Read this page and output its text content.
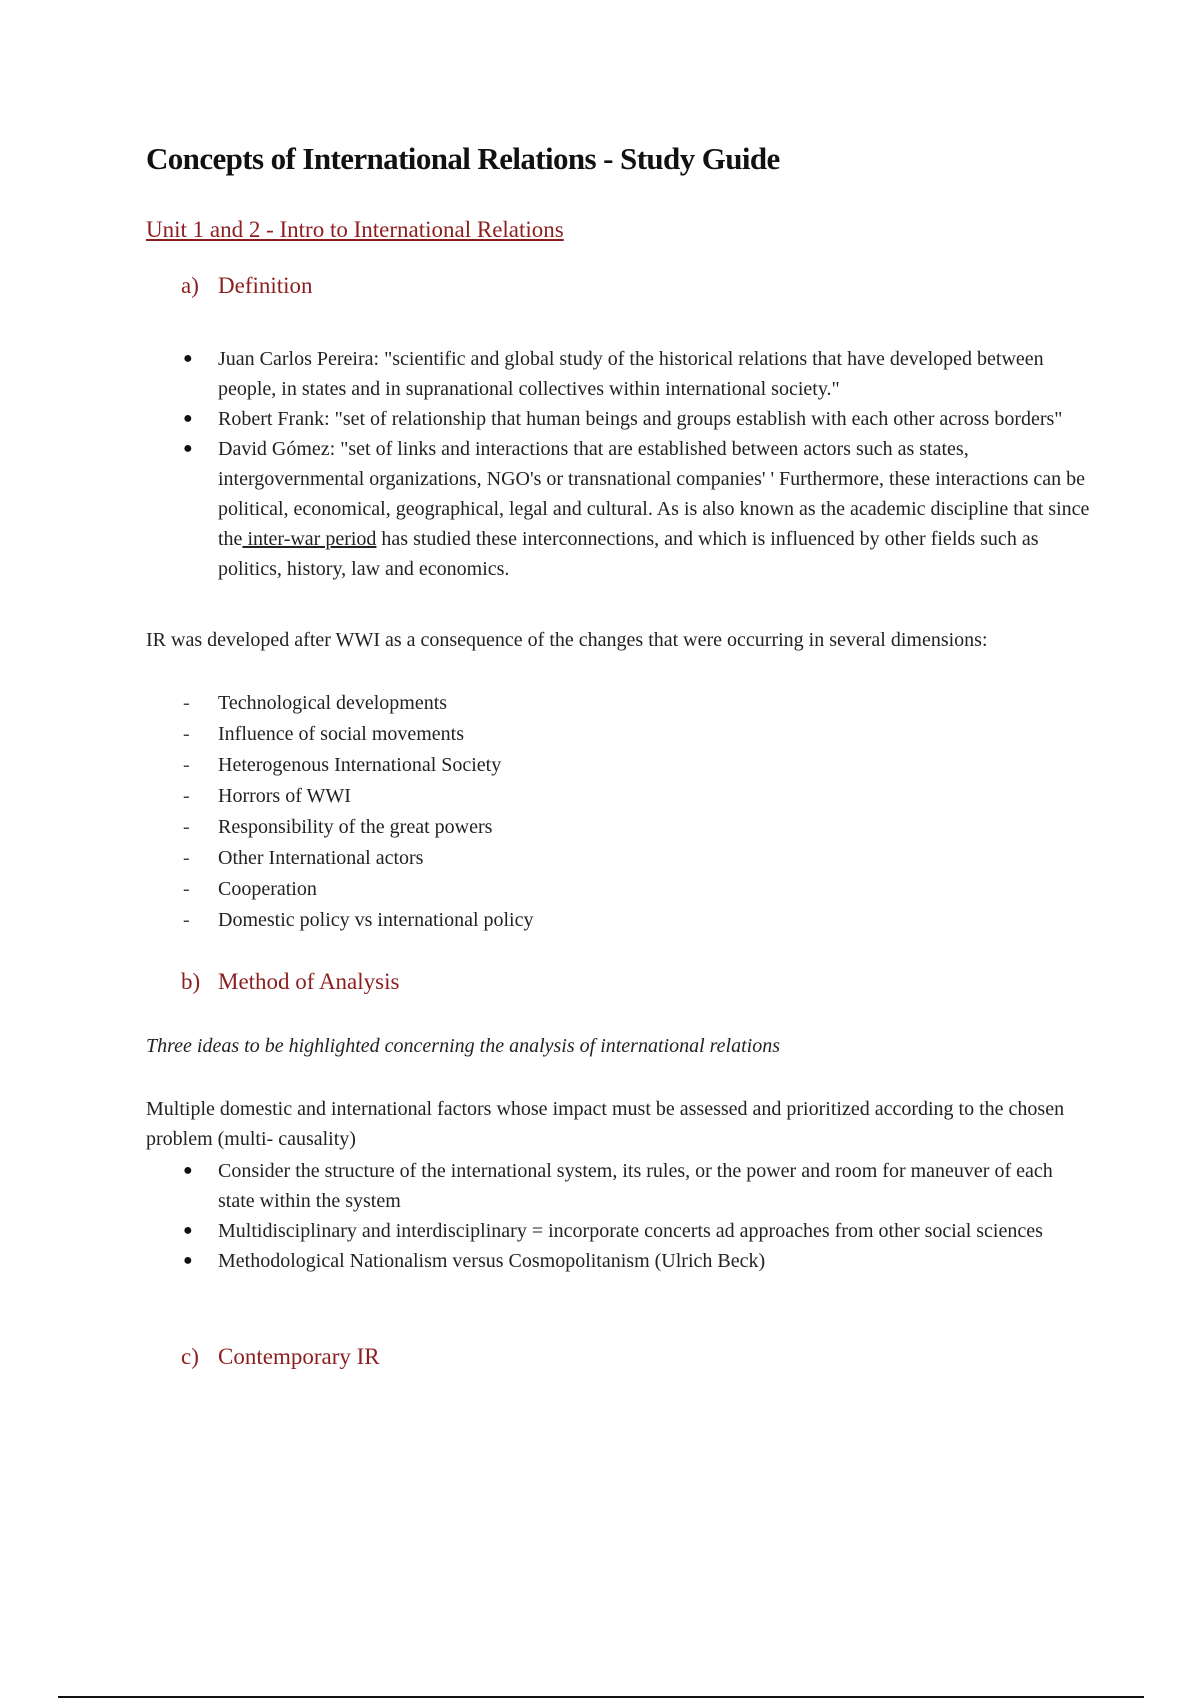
Concepts of International Relations - Study Guide
Unit 1 and 2 - Intro to International Relations
a) Definition
● Juan Carlos Pereira: "scientific and global study of the historical relations that have developed between people, in states and in supranational collectives within international society."
● Robert Frank: "set of relationship that human beings and groups establish with each other across borders"
● David Gómez: "set of links and interactions that are established between actors such as states, intergovernmental organizations, NGO's or transnational companies' ' Furthermore, these interactions can be political, economical, geographical, legal and cultural. As is also known as the academic discipline that since the inter-war period has studied these interconnections, and which is influenced by other fields such as politics, history, law and economics.

IR was developed after WWI as a consequence of the changes that were occurring in several dimensions:

- Technological developments
- Influence of social movements
- Heterogenous International Society
- Horrors of WWI
- Responsibility of the great powers
- Other International actors
- Cooperation
- Domestic policy vs international policy
b) Method of Analysis

Three ideas to be highlighted concerning the analysis of international relations

Multiple domestic and international factors whose impact must be assessed and prioritized according to the chosen problem (multi- causality)

● Consider the structure of the international system, its rules, or the power and room for maneuver of each state within the system
● Multidisciplinary and interdisciplinary = incorporate concerts ad approaches from other social sciences
● Methodological Nationalism versus Cosmopolitanism (Ulrich Beck)
c) Contemporary IR
